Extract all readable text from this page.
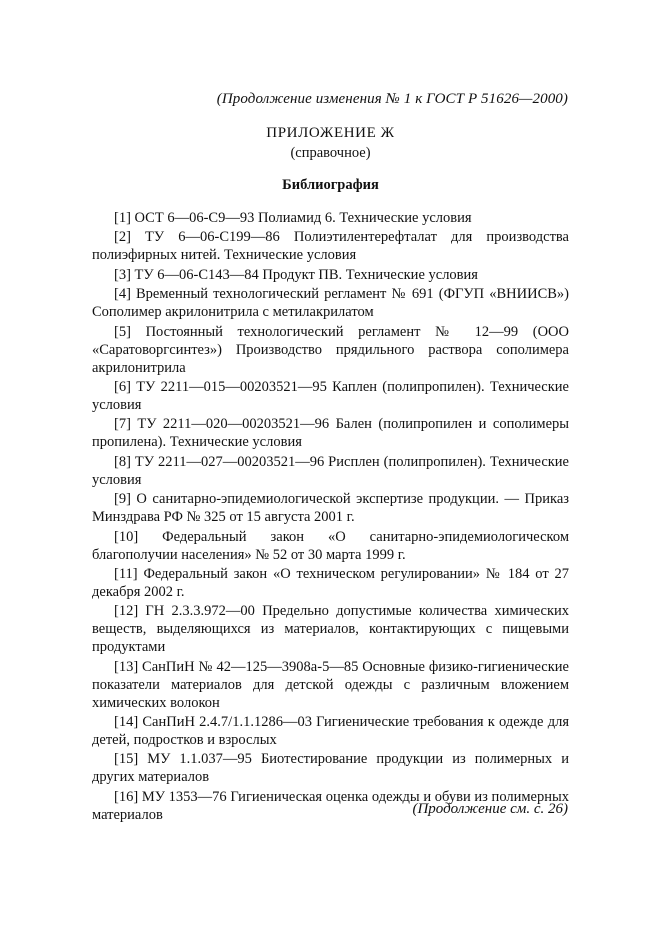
(Продолжение изменения № 1 к ГОСТ Р 51626—2000)
ПРИЛОЖЕНИЕ Ж
(справочное)
Библиография
[1] ОСТ 6—06-С9—93 Полиамид 6. Технические условия
[2] ТУ 6—06-С199—86 Полиэтилентерефталат для производства полиэфирных нитей. Технические условия
[3] ТУ 6—06-С143—84 Продукт ПВ. Технические условия
[4] Временный технологический регламент № 691 (ФГУП «ВНИИСВ») Сополимер акрилонитрила с метилакрилатом
[5] Постоянный технологический регламент № 12—99 (ООО «Саратоворгсинтез») Производство прядильного раствора сополимера акрилонитрила
[6] ТУ 2211—015—00203521—95 Каплен (полипропилен). Технические условия
[7] ТУ 2211—020—00203521—96 Бален (полипропилен и сополимеры пропилена). Технические условия
[8] ТУ 2211—027—00203521—96 Рисплен (полипропилен). Технические условия
[9] О санитарно-эпидемиологической экспертизе продукции. — Приказ Минздрава РФ № 325 от 15 августа 2001 г.
[10] Федеральный закон «О санитарно-эпидемиологическом благополучии населения» № 52 от 30 марта 1999 г.
[11] Федеральный закон «О техническом регулировании» № 184 от 27 декабря 2002 г.
[12] ГН 2.3.3.972—00 Предельно допустимые количества химических веществ, выделяющихся из материалов, контактирующих с пищевыми продуктами
[13] СанПиН № 42—125—3908а-5—85 Основные физико-гигиенические показатели материалов для детской одежды с различным вложением химических волокон
[14] СанПиН 2.4.7/1.1.1286—03 Гигиенические требования к одежде для детей, подростков и взрослых
[15] МУ 1.1.037—95 Биотестирование продукции из полимерных и других материалов
[16] МУ 1353—76 Гигиеническая оценка одежды и обуви из полимерных материалов	(Продолжение см. с. 26)
